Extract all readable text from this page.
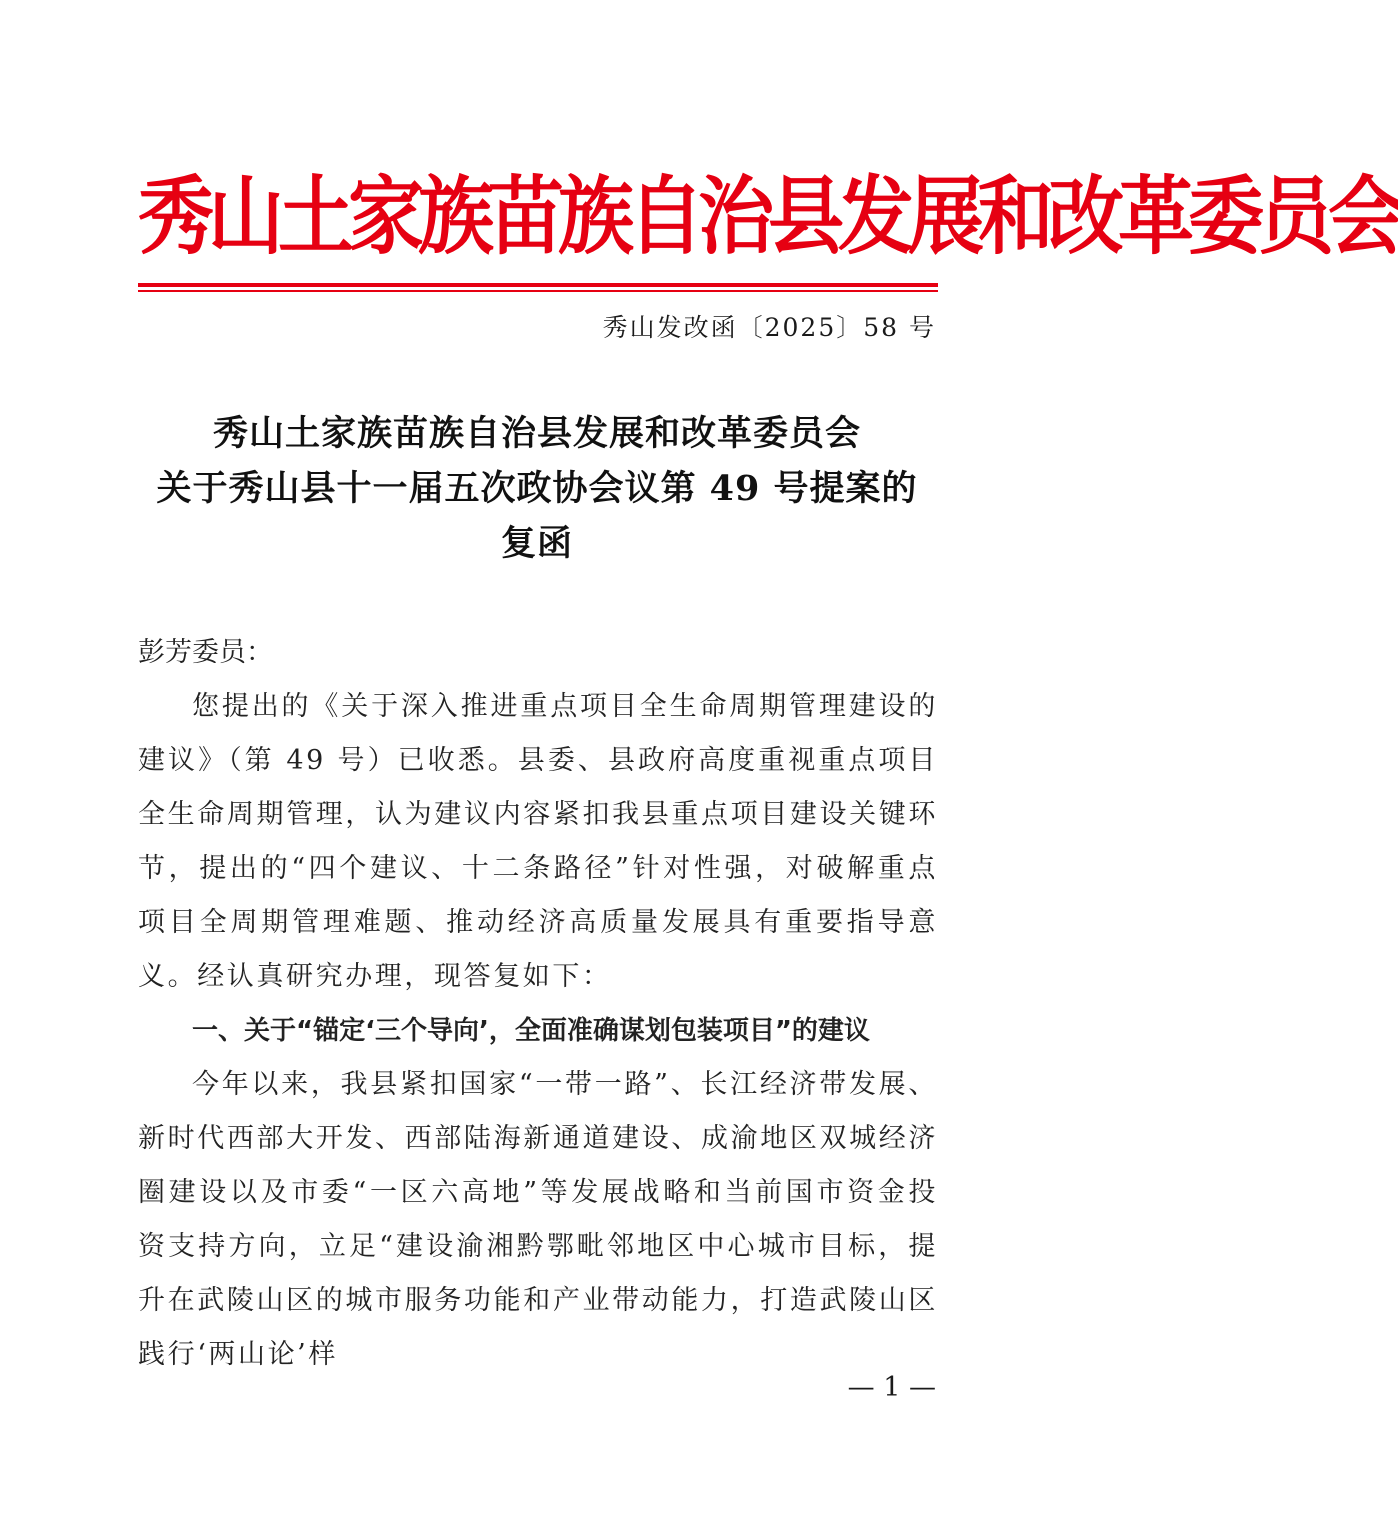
秀山土家族苗族自治县发展和改革委员会
秀山发改函〔2025〕58 号
秀山土家族苗族自治县发展和改革委员会
关于秀山县十一届五次政协会议第 49 号提案的
复函
彭芳委员：
您提出的《关于深入推进重点项目全生命周期管理建设的建议》（第 49 号）已收悉。县委、县政府高度重视重点项目全生命周期管理，认为建议内容紧扣我县重点项目建设关键环节，提出的“四个建议、十二条路径”针对性强，对破解重点项目全周期管理难题、推动经济高质量发展具有重要指导意义。经认真研究办理，现答复如下：
一、关于“锚定‘三个导向’，全面准确谋划包装项目”的建议
今年以来，我县紧扣国家“一带一路”、长江经济带发展、新时代西部大开发、西部陆海新通道建设、成渝地区双城经济圈建设以及市委“一区六高地”等发展战略和当前国市资金投资支持方向，立足“建设渝湘黔鄂毗邻地区中心城市目标，提升在武陵山区的城市服务功能和产业带动能力，打造武陵山区践行‘两山论’样
— 1 —
